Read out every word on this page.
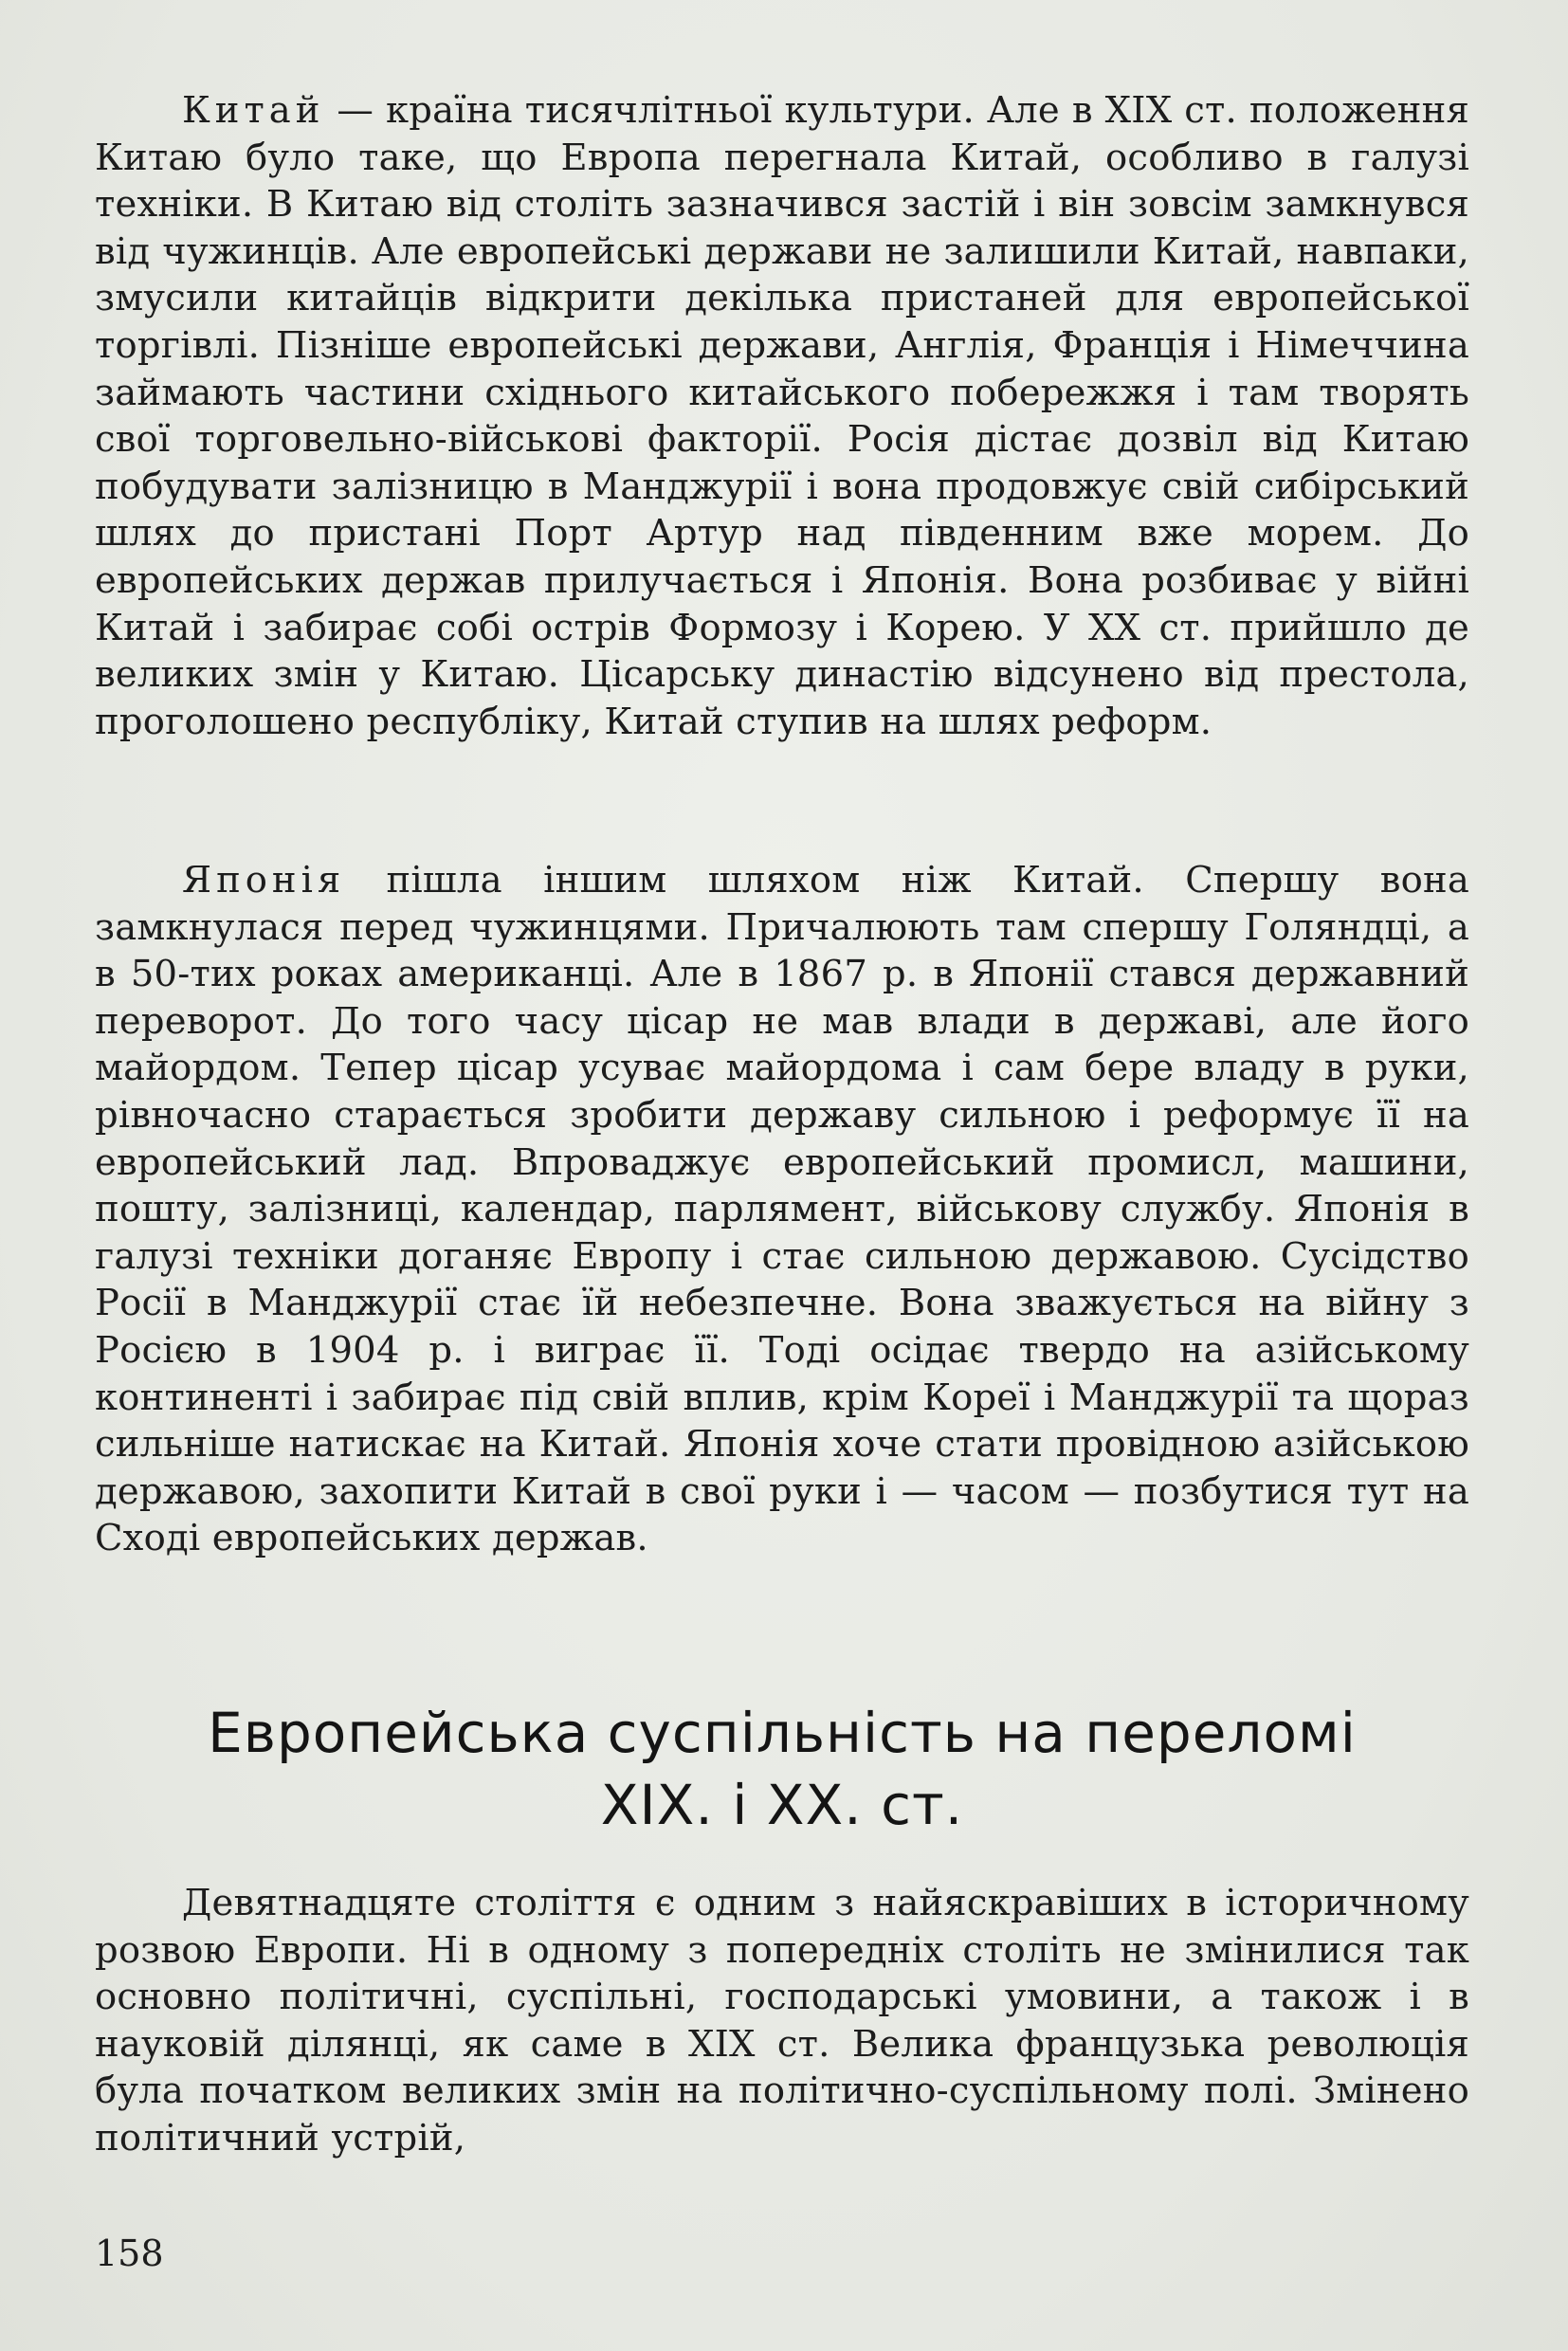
Китай — країна тисячлітньої культури. Але в XIX ст. положення Китаю було таке, що Европа перегнала Китай, особливо в галузі техніки. В Китаю від століть зазначився застій і він зовсім замкнувся від чужинців. Але европейські держави не залишили Китай, навпаки, змусили китайців відкрити декілька пристаней для европейської торгівлі. Пізніше европейські держави, Англія, Франція і Німеччина займають частини східнього китайського побережжя і там творять свої торговельно-військові факторії. Росія дістає дозвіл від Китаю побудувати залізницю в Манджурії і вона продовжує свій сибірський шлях до пристані Порт Артур над південним вже морем. До европейських держав прилучається і Японія. Вона розбиває у війні Китай і забирає собі острів Формозу і Корею. У XX ст. прийшло де великих змін у Китаю. Цісарську династію відсунено від престола, проголошено республіку, Китай ступив на шлях реформ.

Японія пішла іншим шляхом ніж Китай. Спершу вона замкнулася перед чужинцями. Причалюють там спершу Голяндці, а в 50-тих роках американці. Але в 1867 р. в Японії стався державний переворот. До того часу цісар не мав влади в державі, але його майордом. Тепер цісар усуває майордома і сам бере владу в руки, рівночасно старається зробити державу сильною і реформує її на европейський лад. Впроваджує европейський промисл, машини, пошту, залізниці, календар, парлямент, військову службу. Японія в галузі техніки доганяє Европу і стає сильною державою. Сусідство Росії в Манджурії стає їй небезпечне. Вона зважується на війну з Росією в 1904 р. і виграє її. Тоді осідає твердо на азійському континенті і забирає під свій вплив, крім Кореї і Манджурії та щораз сильніше натискає на Китай. Японія хоче стати провідною азійською державою, захопити Китай в свої руки і — часом — позбутися тут на Сході европейських держав.

Европейська суспільність на переломі
XIX. і XX. ст.

Девятнадцяте століття є одним з найяскравіших в історичному розвою Европи. Ні в одному з попередніх століть не змінилися так основно політичні, суспільні, господарські умовини, а також і в науковій ділянці, як саме в XIX ст. Велика французька революція була початком великих змін на політично-суспільному полі. Змінено політичний устрій,

158
